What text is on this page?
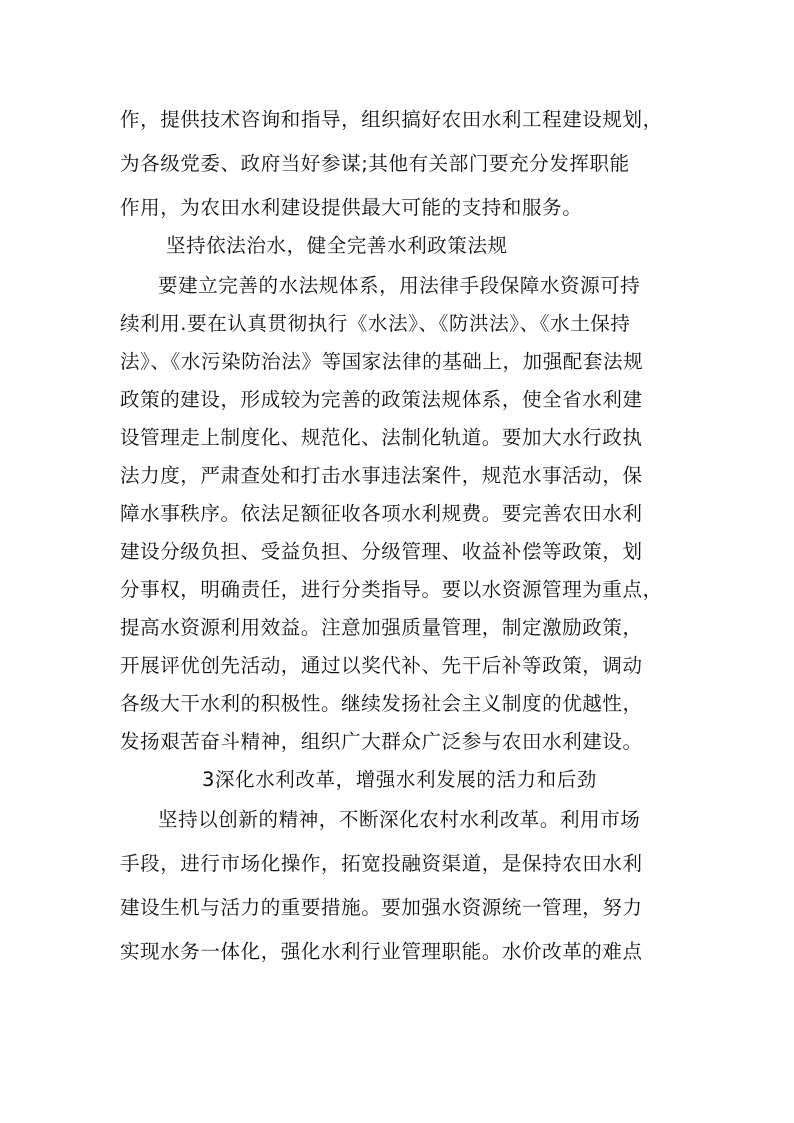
作，提供技术咨询和指导，组织搞好农田水利工程建设规划，
为各级党委、政府当好参谋;其他有关部门要充分发挥职能
作用，为农田水利建设提供最大可能的支持和服务。
坚持依法治水，健全完善水利政策法规
要建立完善的水法规体系，用法律手段保障水资源可持
续利用.要在认真贯彻执行《水法》、《防洪法》、《水土保持
法》、《水污染防治法》等国家法律的基础上，加强配套法规
政策的建设，形成较为完善的政策法规体系，使全省水利建
设管理走上制度化、规范化、法制化轨道。要加大水行政执
法力度，严肃查处和打击水事违法案件，规范水事活动，保
障水事秩序。依法足额征收各项水利规费。要完善农田水利
建设分级负担、受益负担、分级管理、收益补偿等政策，划
分事权，明确责任，进行分类指导。要以水资源管理为重点，
提高水资源利用效益。注意加强质量管理，制定激励政策，
开展评优创先活动，通过以奖代补、先干后补等政策，调动
各级大干水利的积极性。继续发扬社会主义制度的优越性，
发扬艰苦奋斗精神，组织广大群众广泛参与农田水利建设。
3深化水利改革，增强水利发展的活力和后劲
坚持以创新的精神，不断深化农村水利改革。利用市场
手段，进行市场化操作，拓宽投融资渠道，是保持农田水利
建设生机与活力的重要措施。要加强水资源统一管理，努力
实现水务一体化，强化水利行业管理职能。水价改革的难点
